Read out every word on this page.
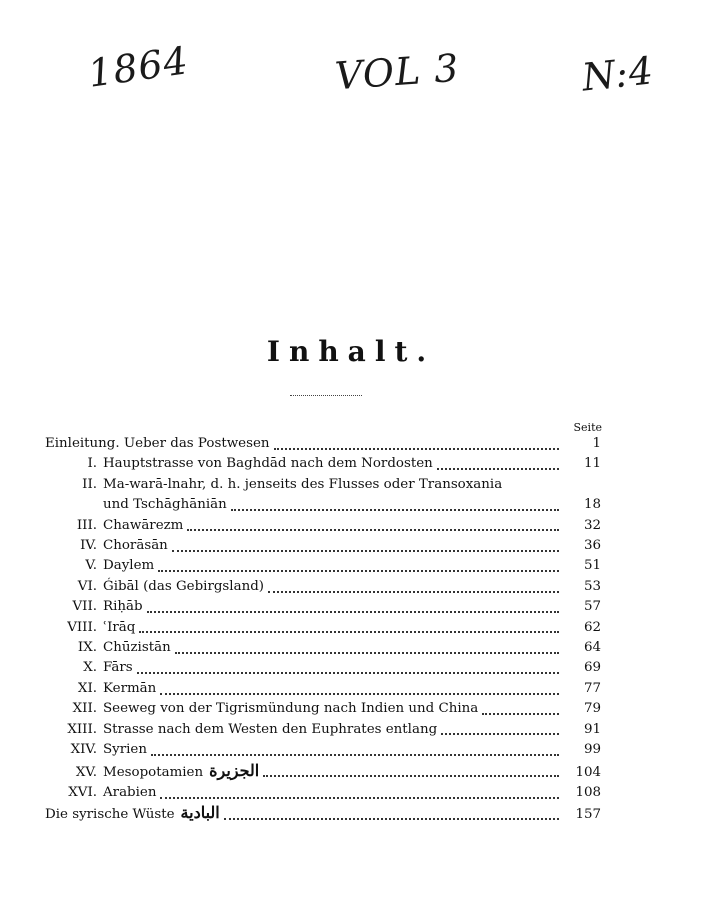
1864	VOL 3	N:4
Inhalt.
Seite
Einleitung. Ueber das Postwesen	1
I. Hauptstrasse von Baghdād nach dem Nordosten	11
II. Ma-warā-lnahr, d. h. jenseits des Flusses oder Transoxania
und Tschāghāniān	18
III. Chawārezm	32
IV. Chorāsān	36
V. Daylem	51
VI. Ǵibāl (das Gebirgsland)	53
VII. Riḥāb	57
VIII. ʿIrāq	62
IX. Chūzistān	64
X. Fārs	69
XI. Kermān	77
XII. Seeweg von der Tigrismündung nach Indien und China	79
XIII. Strasse nach dem Westen den Euphrates entlang	91
XIV. Syrien	99
XV. Mesopotamien الجزيرة	104
XVI. Arabien	108
Die syrische Wüste البادية	157
